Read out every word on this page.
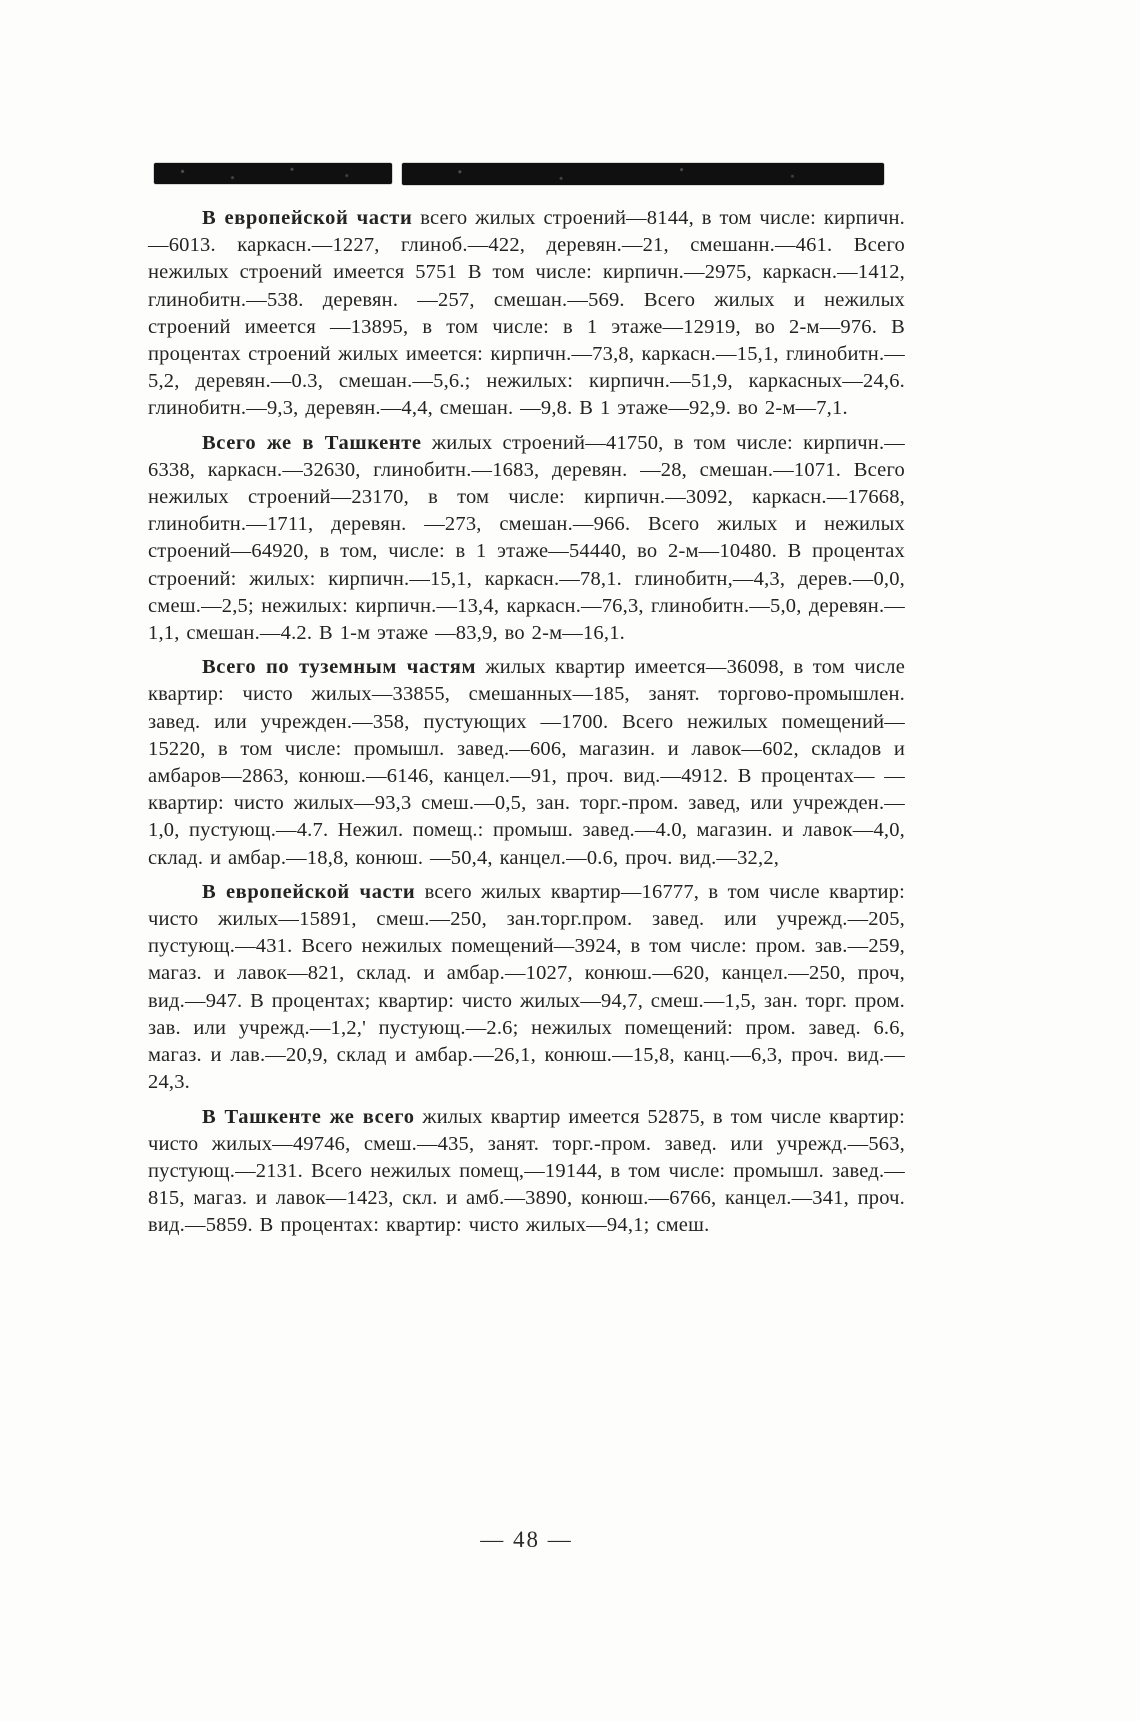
В европейской части всего жилых строений—8144, в том числе: кирпичн.—6013. каркасн.—1227, глиноб.—422, деревян.—21, смешанн.—461. Всего нежилых строений имеется 5751 В том числе: кирпичн.—2975, каркасн.—1412, глинобитн.—538. деревян. —257, смешан.—569. Всего жилых и нежилых строений имеется —13895, в том числе: в 1 этаже—12919, во 2-м—976. В процентах строений жилых имеется: кирпичн.—73,8, каркасн.—15,1, глинобитн.—5,2, деревян.—0.3, смешан.—5,6.; нежилых: кирпичн.—51,9, каркасных—24,6. глинобитн.—9,3, деревян.—4,4, смешан. —9,8. В 1 этаже—92,9. во 2-м—7,1.

Всего же в Ташкенте жилых строений—41750, в том числе: кирпичн.—6338, каркасн.—32630, глинобитн.—1683, деревян. —28, смешан.—1071. Всего нежилых строений—23170, в том числе: кирпичн.—3092, каркасн.—17668, глинобитн.—1711, деревян. —273, смешан.—966. Всего жилых и нежилых строений—64920, в том, числе: в 1 этаже—54440, во 2-м—10480. В процентах строений: жилых: кирпичн.—15,1, каркасн.—78,1. глинобитн,—4,3, дерев.—0,0, смеш.—2,5; нежилых: кирпичн.—13,4, каркасн.—76,3, глинобитн.—5,0, деревян.—1,1, смешан.—4.2. В 1-м этаже —83,9, во 2-м—16,1.

Всего по туземным частям жилых квартир имеется—36098, в том числе квартир: чисто жилых—33855, смешанных—185, занят. торгово-промышлен. завед. или учрежден.—358, пустующих —1700. Всего нежилых помещений—15220, в том числе: промышл. завед.—606, магазин. и лавок—602, складов и амбаров—2863, конюш.—6146, канцел.—91, проч. вид.—4912. В процентах— —квартир: чисто жилых—93,3 смеш.—0,5, зан. торг.-пром. завед, или учрежден.—1,0, пустующ.—4.7. Нежил. помещ.: промыш. завед.—4.0, магазин. и лавок—4,0, склад. и амбар.—18,8, конюш. —50,4, канцел.—0.6, проч. вид.—32,2,

В европейской части всего жилых квартир—16777, в том числе квартир: чисто жилых—15891, смеш.—250, зан.торг.пром. завед. или учрежд.—205, пустующ.—431. Всего нежилых помещений—3924, в том числе: пром. зав.—259, магаз. и лавок—821, склад. и амбар.—1027, конюш.—620, канцел.—250, проч, вид.—947. В процентах; квартир: чисто жилых—94,7, смеш.—1,5, зан. торг. пром. зав. или учрежд.—1,2,' пустующ.—2.6; нежилых помещений: пром. завед. 6.6, магаз. и лав.—20,9, склад и амбар.—26,1, конюш.—15,8, канц.—6,3, проч. вид.—24,3.

В Ташкенте же всего жилых квартир имеется 52875, в том числе квартир: чисто жилых—49746, смеш.—435, занят. торг.-пром. завед. или учрежд.—563, пустующ.—2131. Всего нежилых помещ,—19144, в том числе: промышл. завед.—815, магаз. и лавок—1423, скл. и амб.—3890, конюш.—6766, канцел.—341, проч. вид.—5859. В процентах: квартир: чисто жилых—94,1; смеш.

— 48 —
